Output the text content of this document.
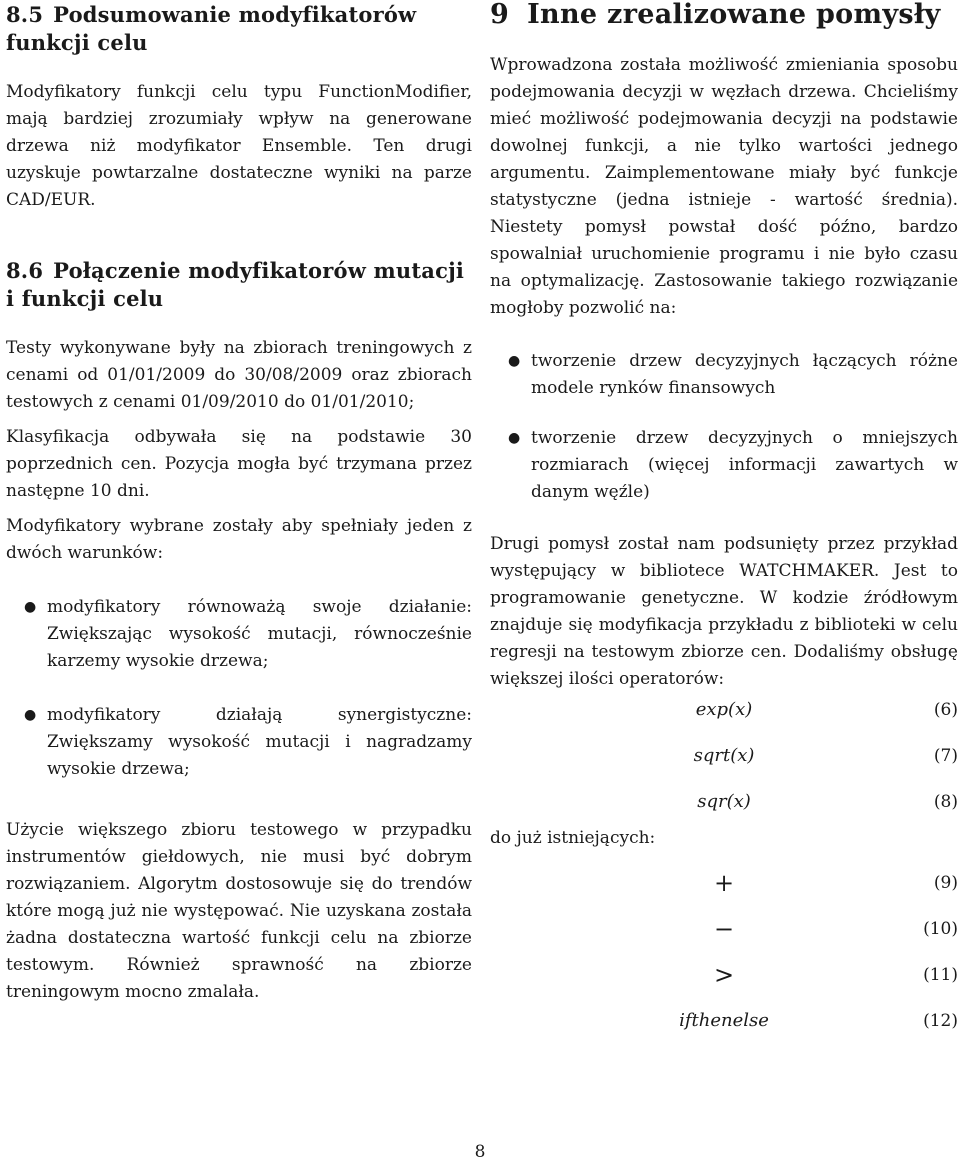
8.5 Podsumowanie modyfikatorów funkcji celu

Modyfikatory funkcji celu typu FunctionModifier, mają bardziej zrozumiały wpływ na generowane drzewa niż modyfikator Ensemble. Ten drugi uzyskuje powtarzalne dostateczne wyniki na parze CAD/EUR.

8.6 Połączenie modyfikatorów mutacji i funkcji celu

Testy wykonywane były na zbiorach treningowych z cenami od 01/01/2009 do 30/08/2009 oraz zbiorach testowych z cenami 01/09/2010 do 01/01/2010;

Klasyfikacja odbywała się na podstawie 30 poprzednich cen. Pozycja mogła być trzymana przez następne 10 dni.

Modyfikatory wybrane zostały aby spełniały jeden z dwóch warunków:

● modyfikatory równoważą swoje działanie: Zwiększając wysokość mutacji, równocześnie karzemy wysokie drzewa;
● modyfikatory działają synergistyczne: Zwiększamy wysokość mutacji i nagradzamy wysokie drzewa;

Użycie większego zbioru testowego w przypadku instrumentów giełdowych, nie musi być dobrym rozwiązaniem. Algorytm dostosowuje się do trendów które mogą już nie występować. Nie uzyskana została żadna dostateczna wartość funkcji celu na zbiorze testowym. Również sprawność na zbiorze treningowym mocno zmalała.

9 Inne zrealizowane pomysły

Wprowadzona została możliwość zmieniania sposobu podejmowania decyzji w węzłach drzewa. Chcieliśmy mieć możliwość podejmowania decyzji na podstawie dowolnej funkcji, a nie tylko wartości jednego argumentu. Zaimplementowane miały być funkcje statystyczne (jedna istnieje - wartość średnia). Niestety pomysł powstał dość późno, bardzo spowalniał uruchomienie programu i nie było czasu na optymalizację. Zastosowanie takiego rozwiązanie mogłoby pozwolić na:

● tworzenie drzew decyzyjnych łączących różne modele rynków finansowych
● tworzenie drzew decyzyjnych o mniejszych rozmiarach (więcej informacji zawartych w danym węźle)

Drugi pomysł został nam podsunięty przez przykład występujący w bibliotece WATCHMAKER. Jest to programowanie genetyczne. W kodzie źródłowym znajduje się modyfikacja przykładu z biblioteki w celu regresji na testowym zbiorze cen. Dodaliśmy obsługę większej ilości operatorów:

exp(x)	(6)
sqrt(x)	(7)
sqr(x)	(8)

do już istniejących:

+	(9)
−	(10)
>	(11)
ifthenelse	(12)
8
